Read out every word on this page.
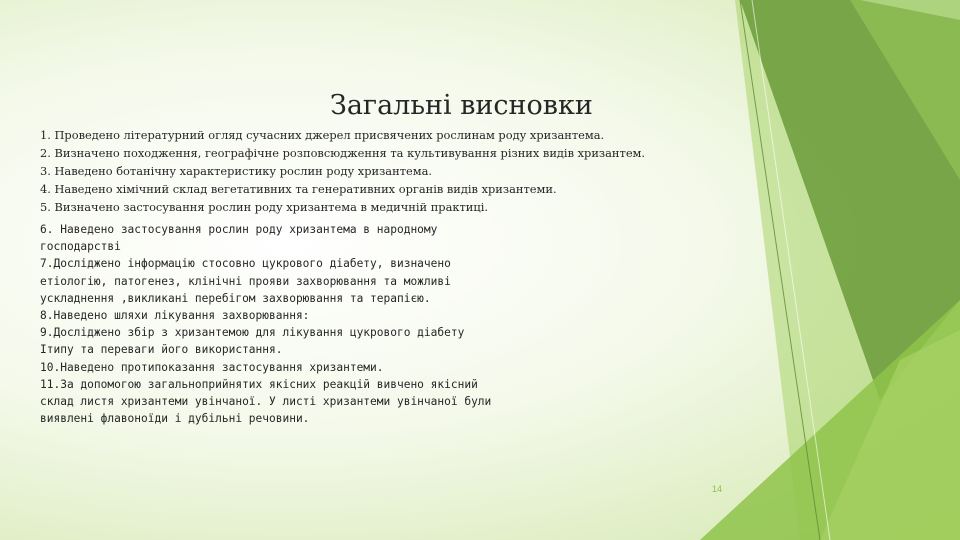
Загальні висновки
1. Проведено літературний огляд сучасних джерел присвячених рослинам роду хризантема.
2. Визначено походження, географічне розповсюдження та культивування різних видів хризантем.
3. Наведено ботанічну характеристику рослин роду хризантема.
4. Наведено хімічний склад вегетативних та генеративних органів видів хризантеми.
5. Визначено застосування рослин роду хризантема в медичній практиці.
6. Наведено застосування рослин роду хризантема в народному
господарстві
7.Досліджено інформацію стосовно цукрового діабету, визначено
етіологію, патогенез, клінічні прояви захворювання та можливі
ускладнення ,викликані перебігом захворювання та терапією.
8.Наведено шляхи лікування захворювання:
9.Досліджено збір з хризантемою для лікування цукрового діабету
Ітипу та переваги його використання.
10.Наведено протипоказання застосування хризантеми.
11.За допомогою загальноприйнятих якісних реакцій вивчено якісний
склад листя хризантеми увінчаної. У листі хризантеми увінчаної були
виявлені флавоноїди і дубільні речовини.
14
